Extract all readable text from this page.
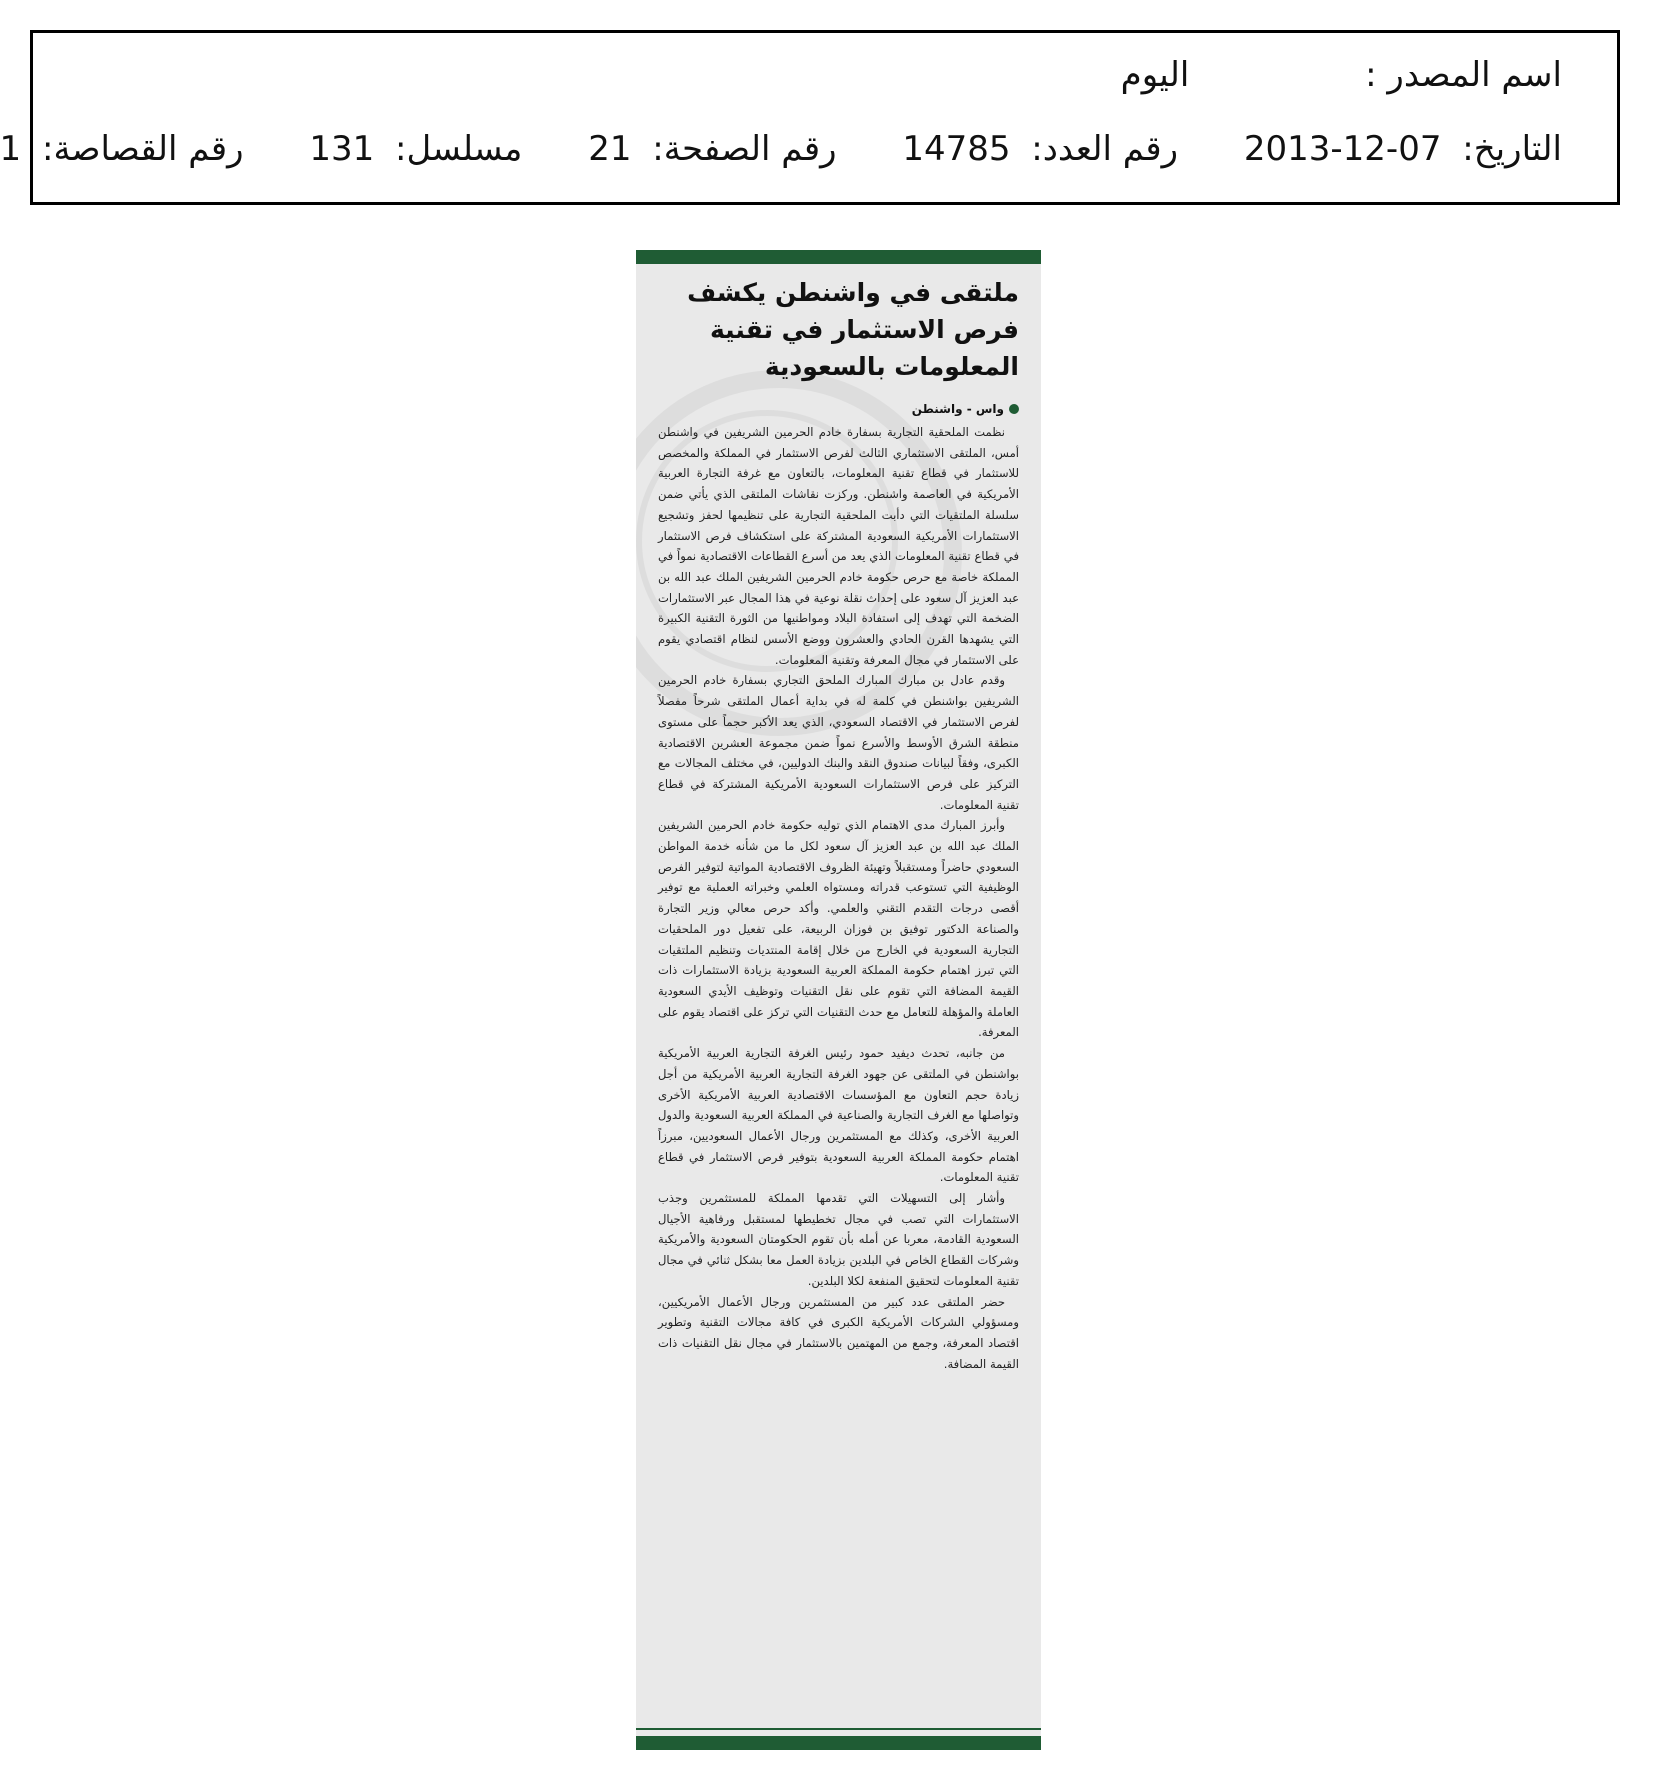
اسم المصدر : اليوم
التاريخ: 2013-12-07 رقم العدد: 14785 رقم الصفحة: 21 مسلسل: 131 رقم القصاصة: 1
ملتقى في واشنطن يكشف فرص الاستثمار في تقنية المعلومات بالسعودية
واس - واشنطن

نظمت الملحقية التجارية بسفارة خادم الحرمين الشريفين في واشنطن أمس، الملتقى الاستثماري الثالث لفرص الاستثمار في المملكة والمخصص للاستثمار في قطاع تقنية المعلومات، بالتعاون مع غرفة التجارة العربية الأمريكية في العاصمة واشنطن. وركزت نقاشات الملتقى الذي يأتي ضمن سلسلة الملتقيات التي دأبت الملحقية التجارية على تنظيمها لحفز وتشجيع الاستثمارات الأمريكية السعودية المشتركة على استكشاف فرص الاستثمار في قطاع تقنية المعلومات الذي يعد من أسرع القطاعات الاقتصادية نمواً في المملكة خاصة مع حرص حكومة خادم الحرمين الشريفين الملك عبد الله بن عبد العزيز آل سعود على إحداث نقلة نوعية في هذا المجال عبر الاستثمارات الضخمة التي تهدف إلى استفادة البلاد ومواطنيها من الثورة التقنية الكبيرة التي يشهدها القرن الحادي والعشرون ووضع الأسس لنظام اقتصادي يقوم على الاستثمار في مجال المعرفة وتقنية المعلومات.

وقدم عادل بن مبارك المبارك الملحق التجاري بسفارة خادم الحرمين الشريفين بواشنطن في كلمة له في بداية أعمال الملتقى شرحاً مفصلاً لفرص الاستثمار في الاقتصاد السعودي، الذي يعد الأكبر حجماً على مستوى منطقة الشرق الأوسط والأسرع نمواً ضمن مجموعة العشرين الاقتصادية الكبرى، وفقاً لبيانات صندوق النقد والبنك الدوليين، في مختلف المجالات مع التركيز على فرص الاستثمارات السعودية الأمريكية المشتركة في قطاع تقنية المعلومات.

وأبرز المبارك مدى الاهتمام الذي توليه حكومة خادم الحرمين الشريفين الملك عبد الله بن عبد العزيز آل سعود لكل ما من شأنه خدمة المواطن السعودي حاضراً ومستقبلاً وتهيئة الظروف الاقتصادية المواتية لتوفير الفرص الوظيفية التي تستوعب قدراته ومستواه العلمي وخبراته العملية مع توفير أقصى درجات التقدم التقني والعلمي. وأكد حرص معالي وزير التجارة والصناعة الدكتور توفيق بن فوزان الربيعة، على تفعيل دور الملحقيات التجارية السعودية في الخارج من خلال إقامة المنتديات وتنظيم الملتقيات التي تبرز اهتمام حكومة المملكة العربية السعودية بزيادة الاستثمارات ذات القيمة المضافة التي تقوم على نقل التقنيات وتوظيف الأيدي السعودية العاملة والمؤهلة للتعامل مع حدث التقنيات التي تركز على اقتصاد يقوم على المعرفة.

من جانبه، تحدث ديفيد حمود رئيس الغرفة التجارية العربية الأمريكية بواشنطن في الملتقى عن جهود الغرفة التجارية العربية الأمريكية من أجل زيادة حجم التعاون مع المؤسسات الاقتصادية العربية الأمريكية الأخرى وتواصلها مع الغرف التجارية والصناعية في المملكة العربية السعودية والدول العربية الأخرى، وكذلك مع المستثمرين ورجال الأعمال السعوديين، مبرزاً اهتمام حكومة المملكة العربية السعودية بتوفير فرص الاستثمار في قطاع تقنية المعلومات.

وأشار إلى التسهيلات التي تقدمها المملكة للمستثمرين وجذب الاستثمارات التي تصب في مجال تخطيطها لمستقبل ورفاهية الأجيال السعودية القادمة، معربا عن أمله بأن تقوم الحكومتان السعودية والأمريكية وشركات القطاع الخاص في البلدين بزيادة العمل معا بشكل ثنائي في مجال تقنية المعلومات لتحقيق المنفعة لكلا البلدين.

حضر الملتقى عدد كبير من المستثمرين ورجال الأعمال الأمريكيين، ومسؤولي الشركات الأمريكية الكبرى في كافة مجالات التقنية وتطوير اقتصاد المعرفة، وجمع من المهتمين بالاستثمار في مجال نقل التقنيات ذات القيمة المضافة.
